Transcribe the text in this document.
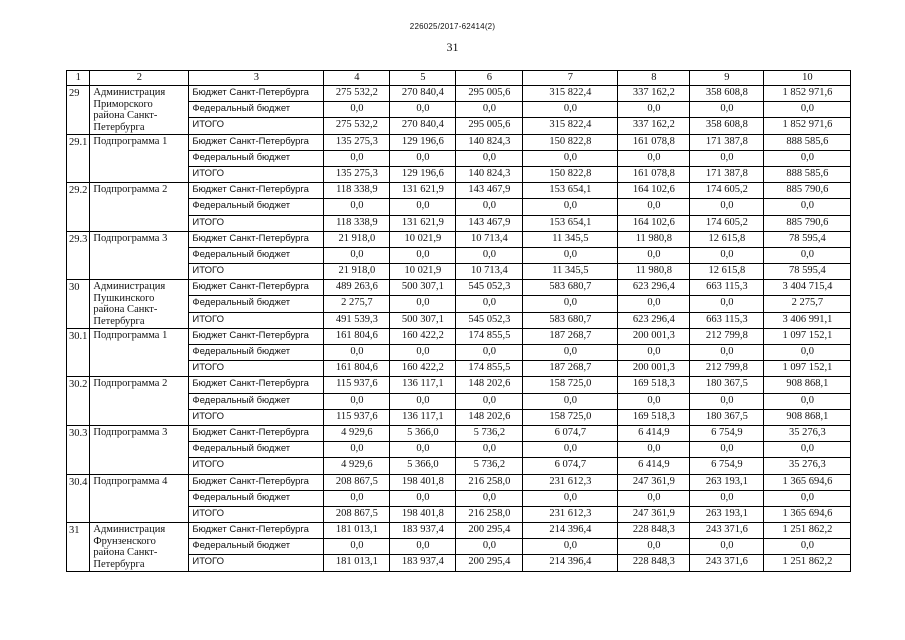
226025/2017-62414(2)
31
1	2	3	4	5	6	7	8	9	10
29	Администрация Приморского района Санкт-Петербурга	Бюджет Санкт-Петербурга	275 532,2	270 840,4	295 005,6	315 822,4	337 162,2	358 608,8	1 852 971,6
		Федеральный бюджет	0,0	0,0	0,0	0,0	0,0	0,0	0,0
		ИТОГО	275 532,2	270 840,4	295 005,6	315 822,4	337 162,2	358 608,8	1 852 971,6
29.1	Подпрограмма 1	Бюджет Санкт-Петербурга	135 275,3	129 196,6	140 824,3	150 822,8	161 078,8	171 387,8	888 585,6
		Федеральный бюджет	0,0	0,0	0,0	0,0	0,0	0,0	0,0
		ИТОГО	135 275,3	129 196,6	140 824,3	150 822,8	161 078,8	171 387,8	888 585,6
29.2	Подпрограмма 2	Бюджет Санкт-Петербурга	118 338,9	131 621,9	143 467,9	153 654,1	164 102,6	174 605,2	885 790,6
		Федеральный бюджет	0,0	0,0	0,0	0,0	0,0	0,0	0,0
		ИТОГО	118 338,9	131 621,9	143 467,9	153 654,1	164 102,6	174 605,2	885 790,6
29.3	Подпрограмма 3	Бюджет Санкт-Петербурга	21 918,0	10 021,9	10 713,4	11 345,5	11 980,8	12 615,8	78 595,4
		Федеральный бюджет	0,0	0,0	0,0	0,0	0,0	0,0	0,0
		ИТОГО	21 918,0	10 021,9	10 713,4	11 345,5	11 980,8	12 615,8	78 595,4
30	Администрация Пушкинского района Санкт-Петербурга	Бюджет Санкт-Петербурга	489 263,6	500 307,1	545 052,3	583 680,7	623 296,4	663 115,3	3 404 715,4
		Федеральный бюджет	2 275,7	0,0	0,0	0,0	0,0	0,0	2 275,7
		ИТОГО	491 539,3	500 307,1	545 052,3	583 680,7	623 296,4	663 115,3	3 406 991,1
30.1	Подпрограмма 1	Бюджет Санкт-Петербурга	161 804,6	160 422,2	174 855,5	187 268,7	200 001,3	212 799,8	1 097 152,1
		Федеральный бюджет	0,0	0,0	0,0	0,0	0,0	0,0	0,0
		ИТОГО	161 804,6	160 422,2	174 855,5	187 268,7	200 001,3	212 799,8	1 097 152,1
30.2	Подпрограмма 2	Бюджет Санкт-Петербурга	115 937,6	136 117,1	148 202,6	158 725,0	169 518,3	180 367,5	908 868,1
		Федеральный бюджет	0,0	0,0	0,0	0,0	0,0	0,0	0,0
		ИТОГО	115 937,6	136 117,1	148 202,6	158 725,0	169 518,3	180 367,5	908 868,1
30.3	Подпрограмма 3	Бюджет Санкт-Петербурга	4 929,6	5 366,0	5 736,2	6 074,7	6 414,9	6 754,9	35 276,3
		Федеральный бюджет	0,0	0,0	0,0	0,0	0,0	0,0	0,0
		ИТОГО	4 929,6	5 366,0	5 736,2	6 074,7	6 414,9	6 754,9	35 276,3
30.4	Подпрограмма 4	Бюджет Санкт-Петербурга	208 867,5	198 401,8	216 258,0	231 612,3	247 361,9	263 193,1	1 365 694,6
		Федеральный бюджет	0,0	0,0	0,0	0,0	0,0	0,0	0,0
		ИТОГО	208 867,5	198 401,8	216 258,0	231 612,3	247 361,9	263 193,1	1 365 694,6
31	Администрация Фрунзенского района Санкт-Петербурга	Бюджет Санкт-Петербурга	181 013,1	183 937,4	200 295,4	214 396,4	228 848,3	243 371,6	1 251 862,2
		Федеральный бюджет	0,0	0,0	0,0	0,0	0,0	0,0	0,0
		ИТОГО	181 013,1	183 937,4	200 295,4	214 396,4	228 848,3	243 371,6	1 251 862,2
